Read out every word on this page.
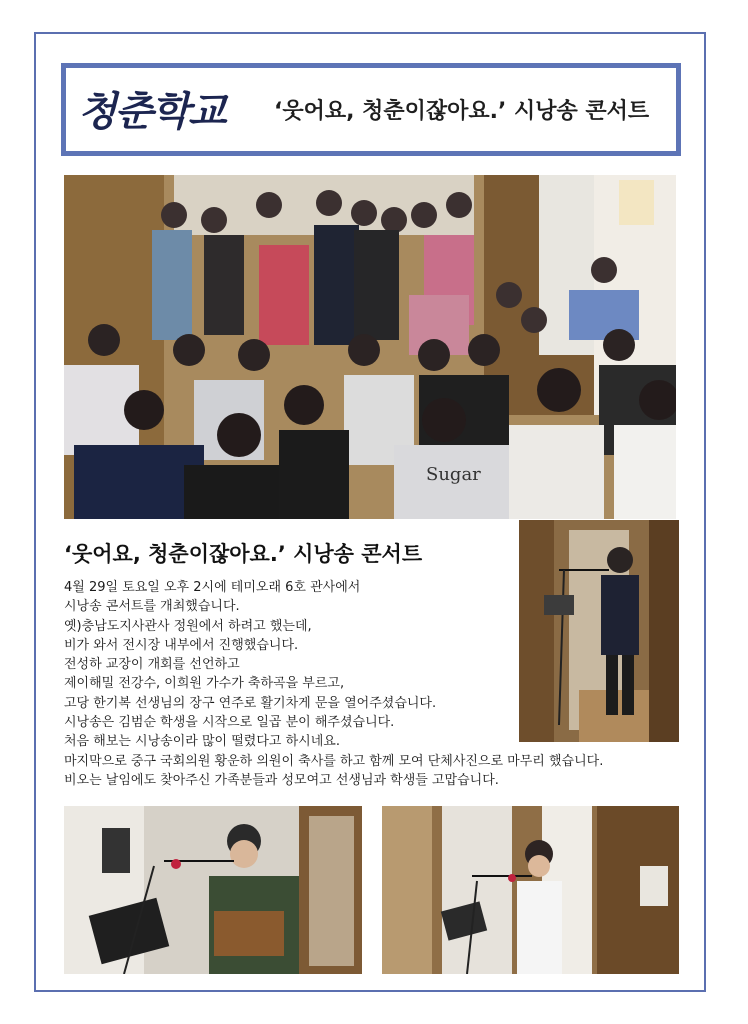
청춘학교 ‘웃어요, 청춘이잖아요.’ 시낭송 콘서트
Sugar
‘웃어요, 청춘이잖아요.’ 시낭송 콘서트
4월 29일 토요일 오후 2시에 테미오래 6호 관사에서
시낭송 콘서트를 개최했습니다.
옛)충남도지사관사 정원에서 하려고 했는데,
비가 와서 전시장 내부에서 진행했습니다.
전성하 교장이 개회를 선언하고
제이해밀 전강수, 이희원 가수가 축하곡을 부르고,
고당 한기복 선생님의 장구 연주로 활기차게 문을 열어주셨습니다.
시낭송은 김범순 학생을 시작으로 일곱 분이 해주셨습니다.
처음 해보는 시낭송이라 많이 떨렸다고 하시네요.
마지막으로 중구 국회의원 황운하 의원이 축사를 하고 함께 모여 단체사진으로 마무리 했습니다.
비오는 날임에도 찾아주신 가족분들과 성모여고 선생님과 학생들 고맙습니다.
